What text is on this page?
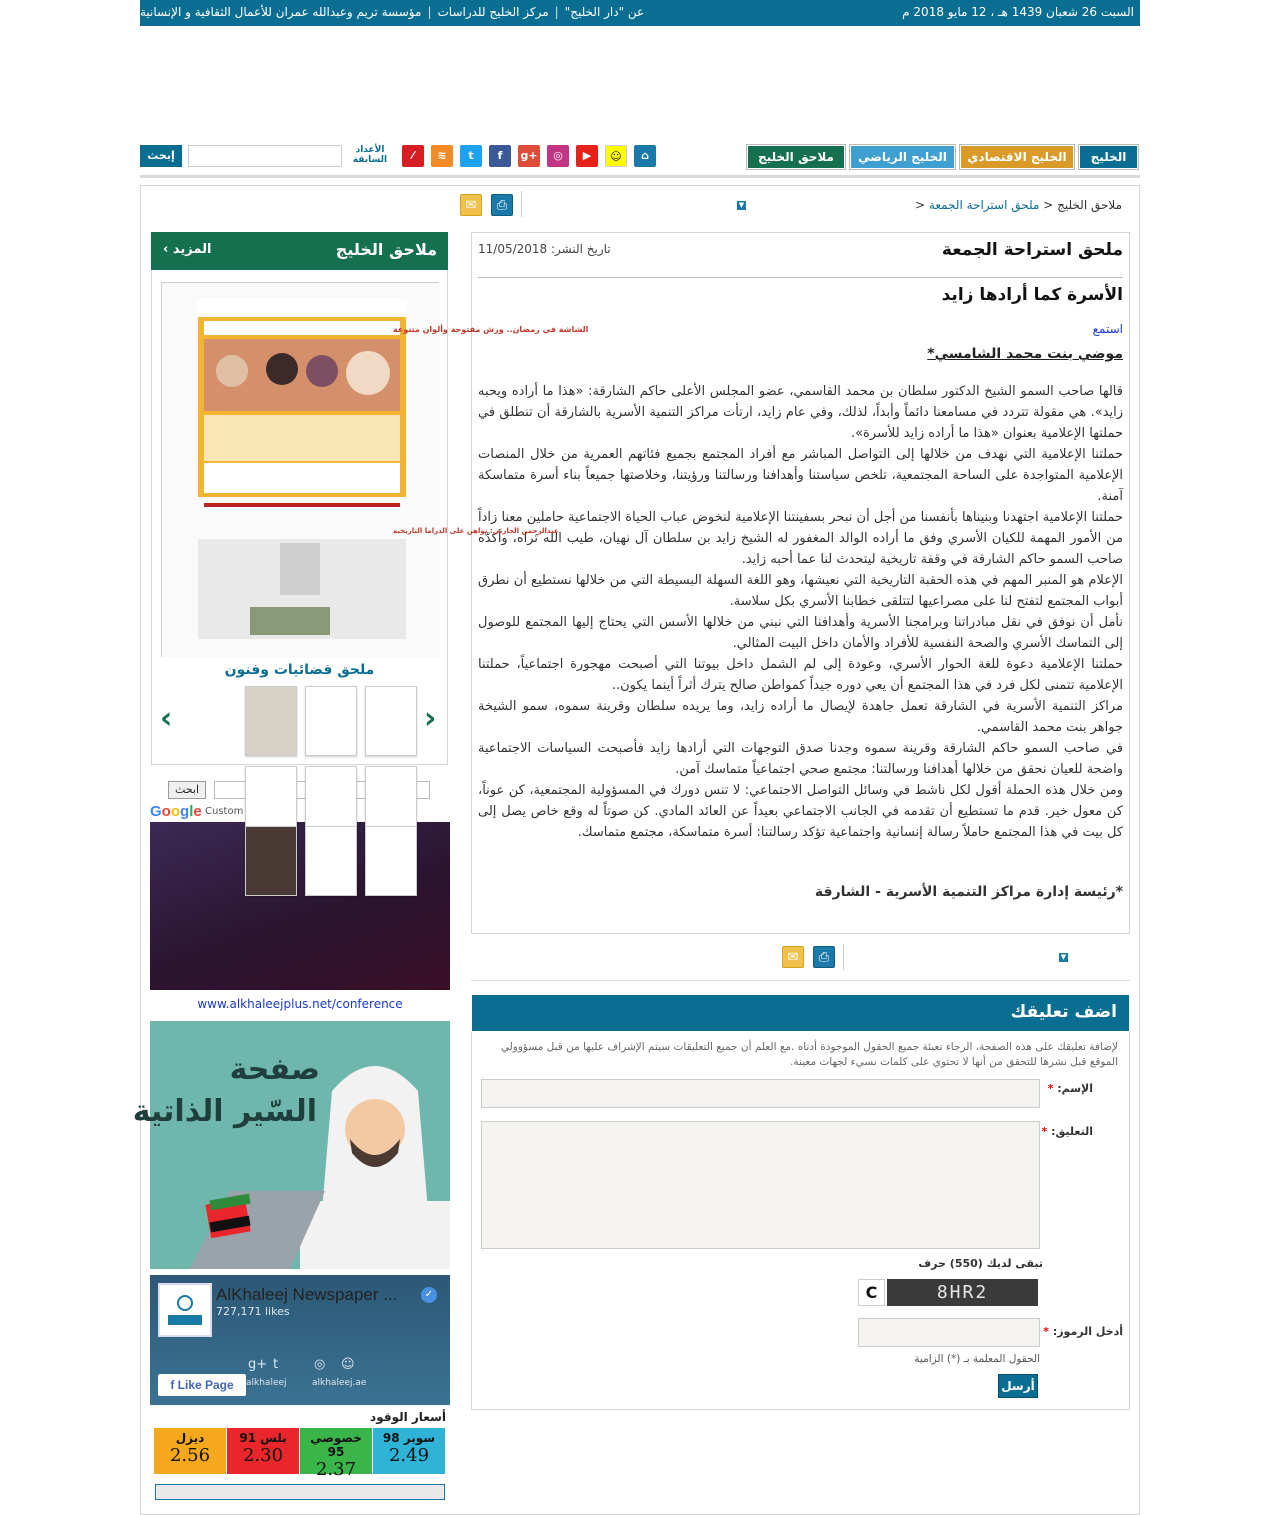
السبت 26 شعبان 1439 هـ ، 12 مايو 2018 م
عن "دار الخليج"|مركز الخليج للدراسات|مؤسسة تريم وعبدالله عمران للأعمال الثقافية و الإنسانية
الخليج
الخليج الاقتصادي
الخليج الرياضي
ملاحق الخليج
⌂
☺
▶
◎
g+
f
t
≋
⁄
الأعداد السابقة
إبحث
ملاحق الخليج < ملحق استراحة الجمعة <
▼
⎙
✉
ملحق استراحة الجمعة
تاريخ النشر: 11/05/2018
الأسرة كما أرادها زايد
استمع
موضي بنت محمد الشامسي*

قالها صاحب السمو الشيخ الدكتور سلطان بن محمد القاسمي، عضو المجلس الأعلى حاكم الشارقة: «هذا ما أراده ويحبه زايد». هي مقولة تتردد في مسامعنا دائماً وأبداً، لذلك، وفي عام زايد، ارتأت مراكز التنمية الأسرية بالشارقة أن تنطلق في حملتها الإعلامية بعنوان «هذا ما أراده زايد للأسرة».

حملتنا الإعلامية التي نهدف من خلالها إلى التواصل المباشر مع أفراد المجتمع بجميع فئاتهم العمرية من خلال المنصات الإعلامية المتواجدة على الساحة المجتمعية، تلخص سياستنا وأهدافنا ورسالتنا ورؤيتنا، وخلاصتها جميعاً بناء أسرة متماسكة آمنة.

حملتنا الإعلامية اجتهدنا وبنيناها بأنفسنا من أجل أن نبحر بسفينتنا الإعلامية لنخوض عباب الحياة الاجتماعية حاملين معنا زاداً من الأمور المهمة للكيان الأسري وفق ما أراده الوالد المغفور له الشيخ زايد بن سلطان آل نهيان، طيب الله ثراه، وأكدّه صاحب السمو حاكم الشارقة في وقفة تاريخية ليتحدث لنا عما أحبه زايد.

الإعلام هو المنبر المهم في هذه الحقبة التاريخية التي نعيشها، وهو اللغة السهلة البسيطة التي من خلالها نستطيع أن نطرق أبواب المجتمع لتفتح لنا على مصراعيها لتتلقى خطابنا الأسري بكل سلاسة.

نأمل أن نوفق في نقل مبادراتنا وبرامجنا الأسرية وأهدافنا التي نبني من خلالها الأسس التي يحتاج إليها المجتمع للوصول إلى التماسك الأسري والصحة النفسية للأفراد والأمان داخل البيت المثالي.

حملتنا الإعلامية دعوة للغة الحوار الأسري، وعودة إلى لم الشمل داخل بيوتنا التي أصبحت مهجورة اجتماعياً، حملتنا الإعلامية تتمنى لكل فرد في هذا المجتمع أن يعي دوره جيداً كمواطن صالح يترك أثراً أينما يكون..

مراكز التنمية الأسرية في الشارقة تعمل جاهدة لإيصال ما أراده زايد، وما يريده سلطان وقرينة سموه، سمو الشيخة جواهر بنت محمد القاسمي.

في صاحب السمو حاكم الشارقة وقرينة سموه وجدنا صدق التوجهات التي أرادها زايد فأصبحت السياسات الاجتماعية واضحة للعيان نحقق من خلالها أهدافنا ورسالتنا: مجتمع صحي اجتماعياً متماسك آمن.

ومن خلال هذه الحملة أقول لكل ناشط في وسائل التواصل الاجتماعي: لا تنس دورك في المسؤولية المجتمعية، كن عوناً، كن معول خير. قدم ما تستطيع أن تقدمه في الجانب الاجتماعي بعيداً عن العائد المادي. كن صوتاً له وقع خاص يصل إلى كل بيت في هذا المجتمع حاملاً رسالة إنسانية واجتماعية تؤكد رسالتنا: أسرة متماسكة، مجتمع متماسك.

*رئيسة إدارة مراكز التنمية الأسرية - الشارقة
▼
⎙
✉
اضف تعليقك
لإضافة تعليقك على هذه الصفحة، الرجاء تعبئة جميع الحقول الموجودة أدناه .مع العلم أن جميع التعليقات سيتم الإشراف عليها من قبل مسؤوولي الموقع قبل نشرها للتحقق من أنها لا تحتوي على كلمات نسيء لجهات معينة.
الإسم: *
التعليق: *
تبقى لديك (550) حرف
8HR2
C
أدخل الرموز: *
الحقول المعلمة بـ (*) الزامية
أرسل
ملاحق الخليج
المزيد ›
الشاشة في رمضان.. ورش مفتوحة وألوان متنوعة
عبدالرحمن الحارثي: نواهن على الدراما التاريخية
ملحق فضائيات وفنون
›
‹
ابحث
Google Custom
www.alkhaleejplus.net/conference
صفحة
السّير الذاتية
AlKhaleej Newspaper ...	✓
727,171 likes
t
g+	◎ ☺
alkhaleej	alkhaleej.ae
f Like Page
أسعار الوقود
سوبر 98
2.49
خصوصي 95
2.37
بلس 91
2.30
ديزل
2.56
